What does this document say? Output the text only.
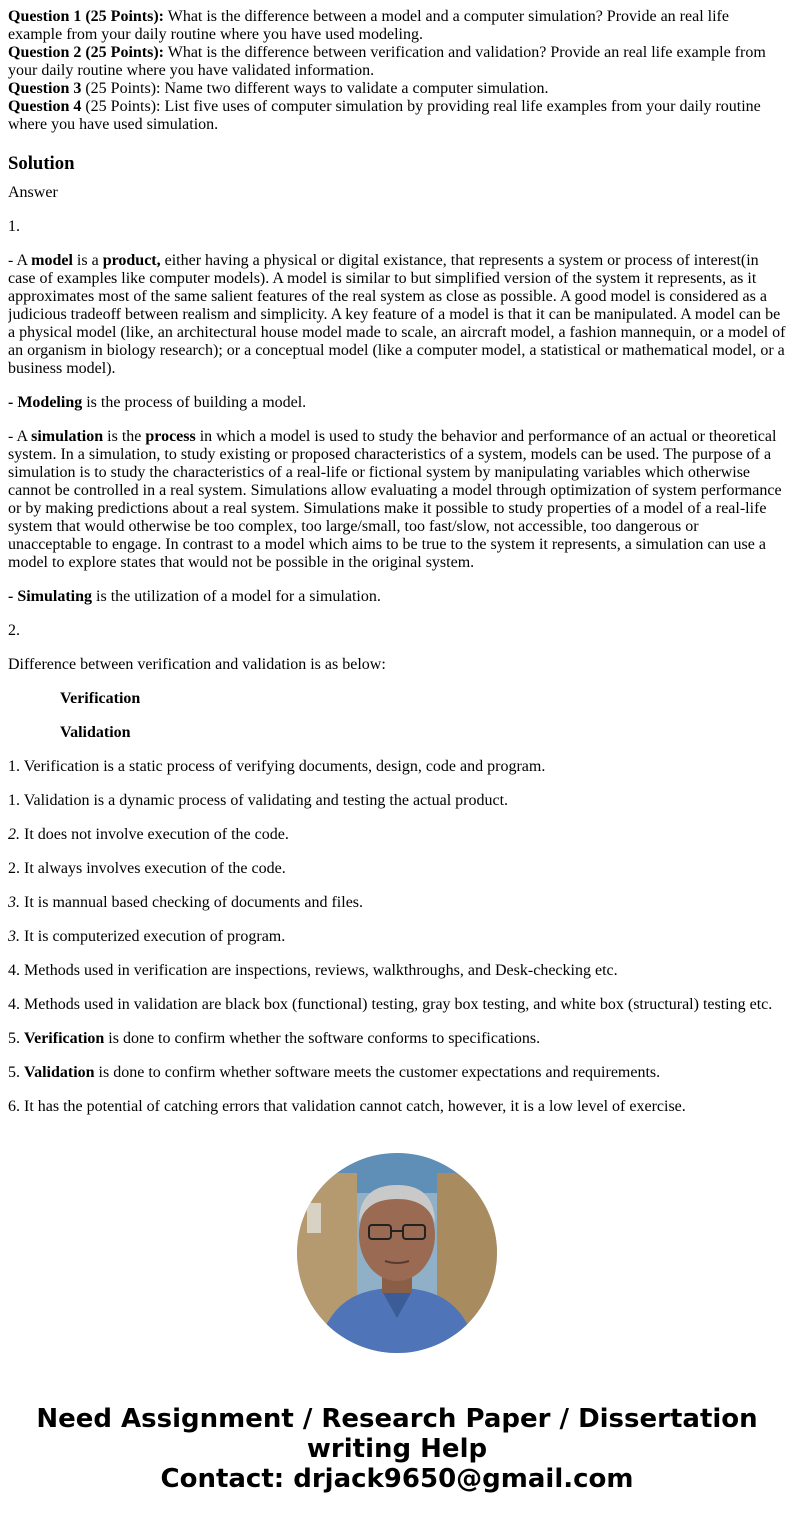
Question 1 (25 Points): What is the difference between a model and a computer simulation? Provide an real life example from your daily routine where you have used modeling.

Question 2 (25 Points): What is the difference between verification and validation? Provide an real life example from your daily routine where you have validated information.

Question 3 (25 Points): Name two different ways to validate a computer simulation.

Question 4 (25 Points): List five uses of computer simulation by providing real life examples from your daily routine where you have used simulation.

Solution

Answer

1.

- A model is a product, either having a physical or digital existance, that represents a system or process of interest(in case of examples like computer models). A model is similar to but simplified version of the system it represents, as it approximates most of the same salient features of the real system as close as possible. A good model is considered as a judicious tradeoff between realism and simplicity. A key feature of a model is that it can be manipulated. A model can be a physical model (like, an architectural house model made to scale, an aircraft model, a fashion mannequin, or a model of an organism in biology research); or a conceptual model (like a computer model, a statistical or mathematical model, or a business model).

- Modeling is the process of building a model.

- A simulation is the process in which a model is used to study the behavior and performance of an actual or theoretical system. In a simulation, to study existing or proposed characteristics of a system, models can be used. The purpose of a simulation is to study the characteristics of a real-life or fictional system by manipulating variables which otherwise cannot be controlled in a real system. Simulations allow evaluating a model through optimization of system performance or by making predictions about a real system. Simulations make it possible to study properties of a model of a real-life system that would otherwise be too complex, too large/small, too fast/slow, not accessible, too dangerous or unacceptable to engage. In contrast to a model which aims to be true to the system it represents, a simulation can use a model to explore states that would not be possible in the original system.

- Simulating is the utilization of a model for a simulation.

2.

Difference between verification and validation is as below:

Verification

Validation

1. Verification is a static process of verifying documents, design, code and program.

1. Validation is a dynamic process of validating and testing the actual product.

2. It does not involve execution of the code.

2. It always involves execution of the code.

3. It is mannual based checking of documents and files.

3. It is computerized execution of program.

4. Methods used in verification are inspections, reviews, walkthroughs, and Desk-checking etc.

4. Methods used in validation are black box (functional) testing, gray box testing, and white box (structural) testing etc.

5. Verification is done to confirm whether the software conforms to specifications.

5. Validation is done to confirm whether software meets the customer expectations and requirements.

6. It has the potential of catching errors that validation cannot catch, however, it is a low level of exercise.

Need Assignment / Research Paper / Dissertation
writing Help
Contact: drjack9650@gmail.com
